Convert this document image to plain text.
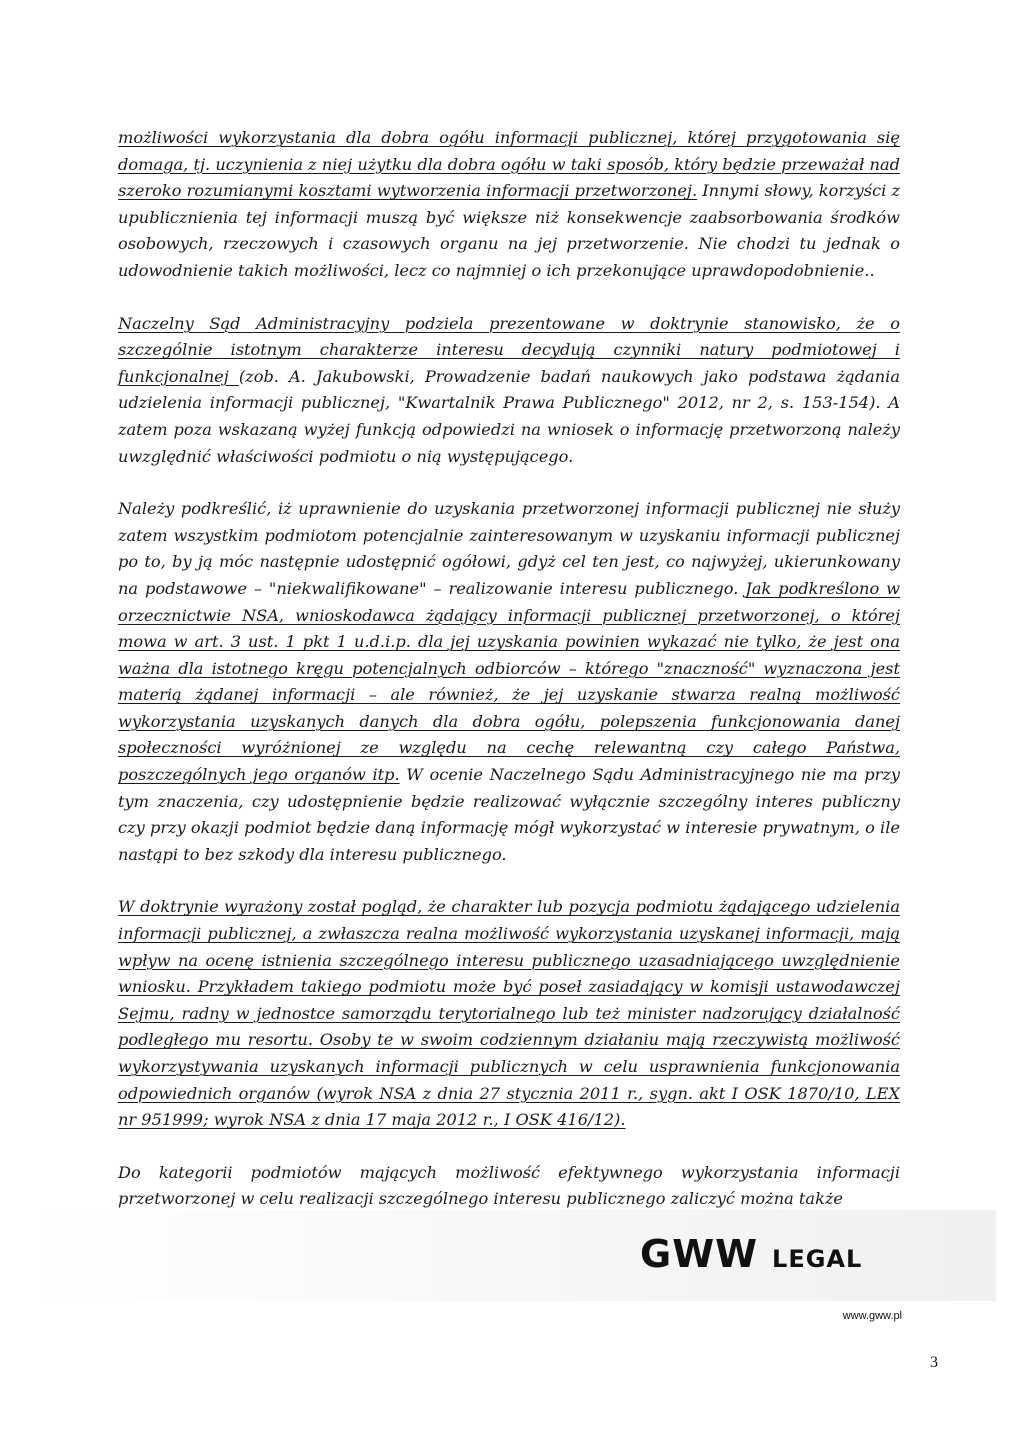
możliwości wykorzystania dla dobra ogółu informacji publicznej, której przygotowania się domaga, tj. uczynienia z niej użytku dla dobra ogółu w taki sposób, który będzie przeważał nad szeroko rozumianymi kosztami wytworzenia informacji przetworzonej. Innymi słowy, korzyści z upublicznienia tej informacji muszą być większe niż konsekwencje zaabsorbowania środków osobowych, rzeczowych i czasowych organu na jej przetworzenie. Nie chodzi tu jednak o udowodnienie takich możliwości, lecz co najmniej o ich przekonujące uprawdopodobnienie..

Naczelny Sąd Administracyjny podziela prezentowane w doktrynie stanowisko, że o szczególnie istotnym charakterze interesu decydują czynniki natury podmiotowej i funkcjonalnej (zob. A. Jakubowski, Prowadzenie badań naukowych jako podstawa żądania udzielenia informacji publicznej, "Kwartalnik Prawa Publicznego" 2012, nr 2, s. 153-154). A zatem poza wskazaną wyżej funkcją odpowiedzi na wniosek o informację przetworzoną należy uwzględnić właściwości podmiotu o nią występującego.

Należy podkreślić, iż uprawnienie do uzyskania przetworzonej informacji publicznej nie służy zatem wszystkim podmiotom potencjalnie zainteresowanym w uzyskaniu informacji publicznej po to, by ją móc następnie udostępnić ogółowi, gdyż cel ten jest, co najwyżej, ukierunkowany na podstawowe – "niekwalifikowane" – realizowanie interesu publicznego. Jak podkreślono w orzecznictwie NSA, wnioskodawca żądający informacji publicznej przetworzonej, o której mowa w art. 3 ust. 1 pkt 1 u.d.i.p. dla jej uzyskania powinien wykazać nie tylko, że jest ona ważna dla istotnego kręgu potencjalnych odbiorców – którego "znaczność" wyznaczona jest materią żądanej informacji – ale również, że jej uzyskanie stwarza realną możliwość wykorzystania uzyskanych danych dla dobra ogółu, polepszenia funkcjonowania danej społeczności wyróżnionej ze względu na cechę relewantną czy całego Państwa, poszczególnych jego organów itp. W ocenie Naczelnego Sądu Administracyjnego nie ma przy tym znaczenia, czy udostępnienie będzie realizować wyłącznie szczególny interes publiczny czy przy okazji podmiot będzie daną informację mógł wykorzystać w interesie prywatnym, o ile nastąpi to bez szkody dla interesu publicznego.

W doktrynie wyrażony został pogląd, że charakter lub pozycja podmiotu żądającego udzielenia informacji publicznej, a zwłaszcza realna możliwość wykorzystania uzyskanej informacji, mają wpływ na ocenę istnienia szczególnego interesu publicznego uzasadniającego uwzględnienie wniosku. Przykładem takiego podmiotu może być poseł zasiadający w komisji ustawodawczej Sejmu, radny w jednostce samorządu terytorialnego lub też minister nadzorujący działalność podległego mu resortu. Osoby te w swoim codziennym działaniu mają rzeczywistą możliwość wykorzystywania uzyskanych informacji publicznych w celu usprawnienia funkcjonowania odpowiednich organów (wyrok NSA z dnia 27 stycznia 2011 r., sygn. akt I OSK 1870/10, LEX nr 951999; wyrok NSA z dnia 17 maja 2012 r., I OSK 416/12).

Do kategorii podmiotów mających możliwość efektywnego wykorzystania informacji przetworzonej w celu realizacji szczególnego interesu publicznego zaliczyć można także

GWW LEGAL
www.gww.pl
3
